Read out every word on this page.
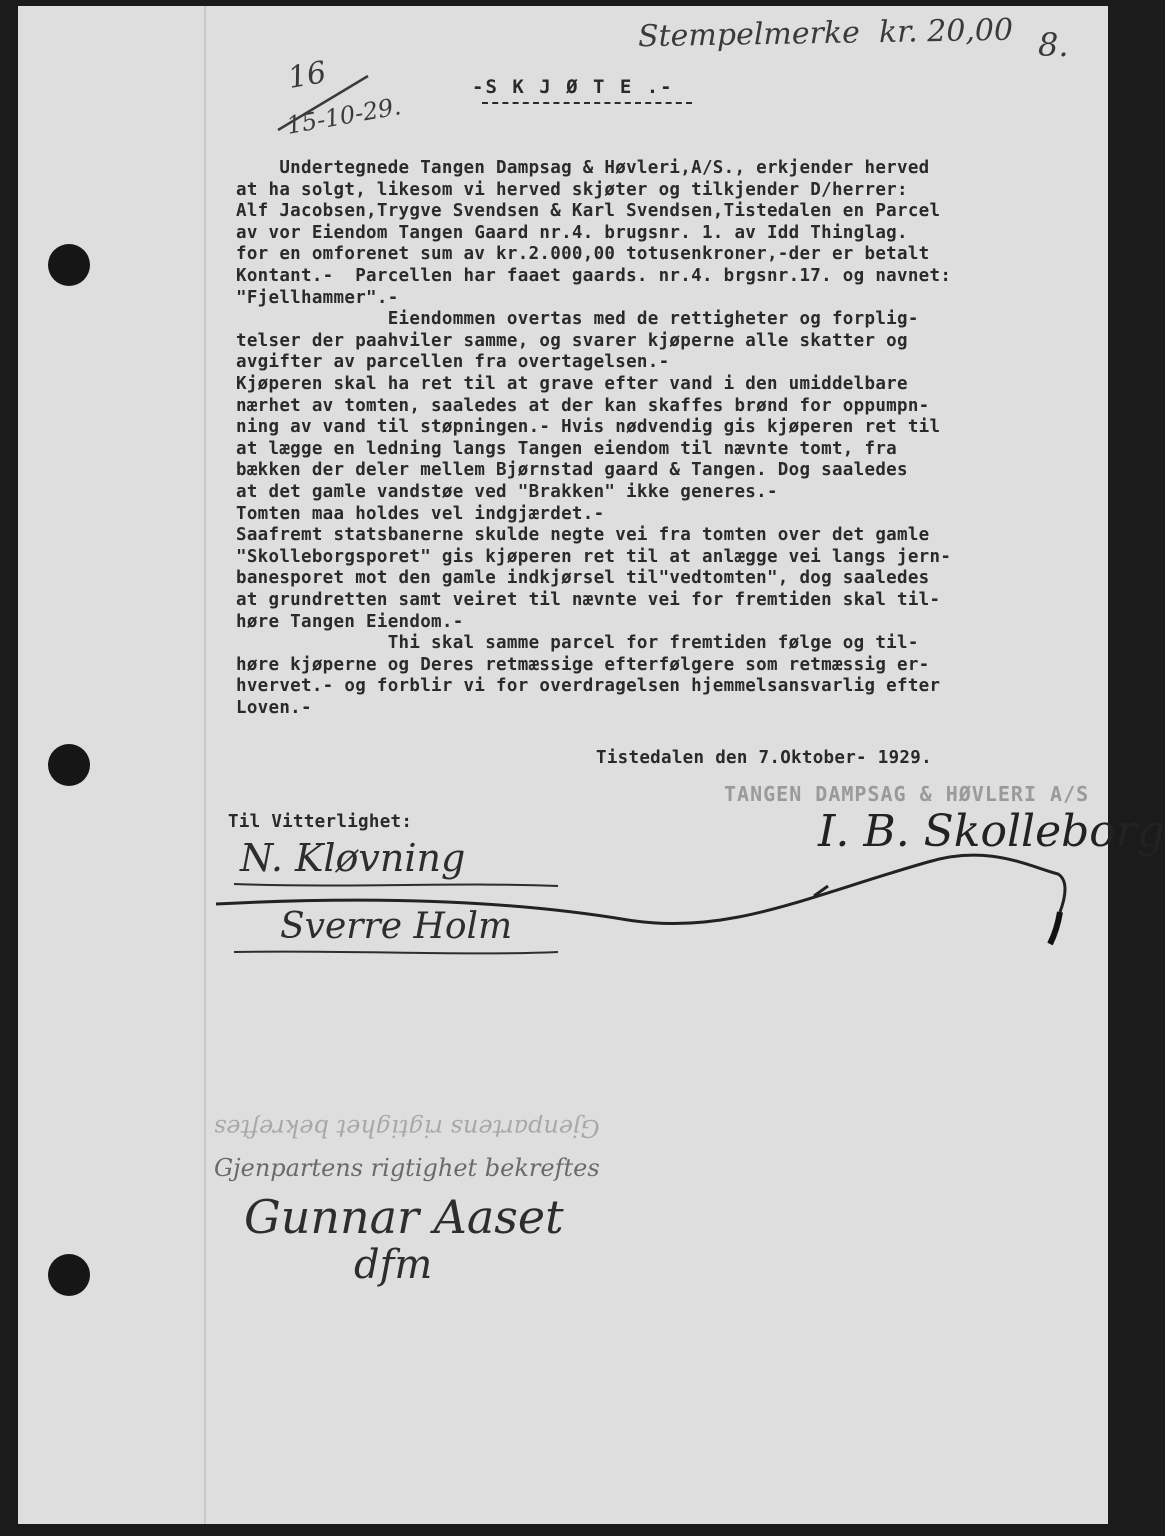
Stempelmerke  kr. 20,00 8.
16
15-10-29.
-S K J Ø T E .-
Undertegnede Tangen Dampsag & Høvleri,A/S., erkjender herved
at ha solgt, likesom vi herved skjøter og tilkjender D/herrer:
Alf Jacobsen,Trygve Svendsen & Karl Svendsen,Tistedalen en Parcel
av vor Eiendom Tangen Gaard nr.4. brugsnr. 1. av Idd Thinglag.
for en omforenet sum av kr.2.000,00 totusenkroner,-der er betalt
Kontant.-  Parcellen har faaet gaards. nr.4. brgsnr.17. og navnet:
"Fjellhammer".-
Eiendommen overtas med de rettigheter og forplig-
telser der paahviler samme, og svarer kjøperne alle skatter og
avgifter av parcellen fra overtagelsen.-
Kjøperen skal ha ret til at grave efter vand i den umiddelbare
nærhet av tomten, saaledes at der kan skaffes brønd for oppumpn-
ning av vand til støpningen.- Hvis nødvendig gis kjøperen ret til
at lægge en ledning langs Tangen eiendom til nævnte tomt, fra
bækken der deler mellem Bjørnstad gaard & Tangen. Dog saaledes
at det gamle vandstøe ved "Brakken" ikke generes.-
Tomten maa holdes vel indgjærdet.-
Saafremt statsbanerne skulde negte vei fra tomten over det gamle
"Skolleborgsporet" gis kjøperen ret til at anlægge vei langs jern-
banesporet mot den gamle indkjørsel til"vedtomten", dog saaledes
at grundretten samt veiret til nævnte vei for fremtiden skal til-
høre Tangen Eiendom.-
Thi skal samme parcel for fremtiden følge og til-
høre kjøperne og Deres retmæssige efterfølgere som retmæssig er-
hvervet.- og forblir vi for overdragelsen hjemmelsansvarlig efter
Loven.-
Tistedalen den 7.Oktober- 1929.
TANGEN DAMPSAG & HØVLERI A/S
Til Vitterlighet:	I. B. Skolleborg
N. Kløvning
Sverre Holm
Gjenpartens rigtighet bekreftes
Gjenpartens rigtighet bekreftes
Gunnar Aaset
dfm
